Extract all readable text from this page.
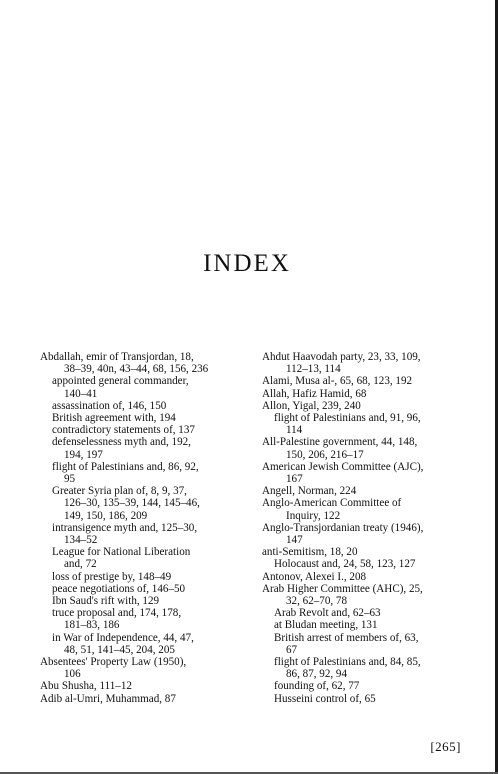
INDEX
Abdallah, emir of Transjordan, 18,
38–39, 40n, 43–44, 68, 156, 236
appointed general commander,
140–41
assassination of, 146, 150
British agreement with, 194
contradictory statements of, 137
defenselessness myth and, 192,
194, 197
flight of Palestinians and, 86, 92,
95
Greater Syria plan of, 8, 9, 37,
126–30, 135–39, 144, 145–46,
149, 150, 186, 209
intransigence myth and, 125–30,
134–52
League for National Liberation
and, 72
loss of prestige by, 148–49
peace negotiations of, 146–50
Ibn Saud's rift with, 129
truce proposal and, 174, 178,
181–83, 186
in War of Independence, 44, 47,
48, 51, 141–45, 204, 205
Absentees' Property Law (1950),
106
Abu Shusha, 111–12
Adib al-Umri, Muhammad, 87
Ahdut Haavodah party, 23, 33, 109,
112–13, 114
Alami, Musa al-, 65, 68, 123, 192
Allah, Hafiz Hamid, 68
Allon, Yigal, 239, 240
flight of Palestinians and, 91, 96,
114
All-Palestine government, 44, 148,
150, 206, 216–17
American Jewish Committee (AJC),
167
Angell, Norman, 224
Anglo-American Committee of
Inquiry, 122
Anglo-Transjordanian treaty (1946),
147
anti-Semitism, 18, 20
Holocaust and, 24, 58, 123, 127
Antonov, Alexei I., 208
Arab Higher Committee (AHC), 25,
32, 62–70, 78
Arab Revolt and, 62–63
at Bludan meeting, 131
British arrest of members of, 63,
67
flight of Palestinians and, 84, 85,
86, 87, 92, 94
founding of, 62, 77
Husseini control of, 65
[265]
